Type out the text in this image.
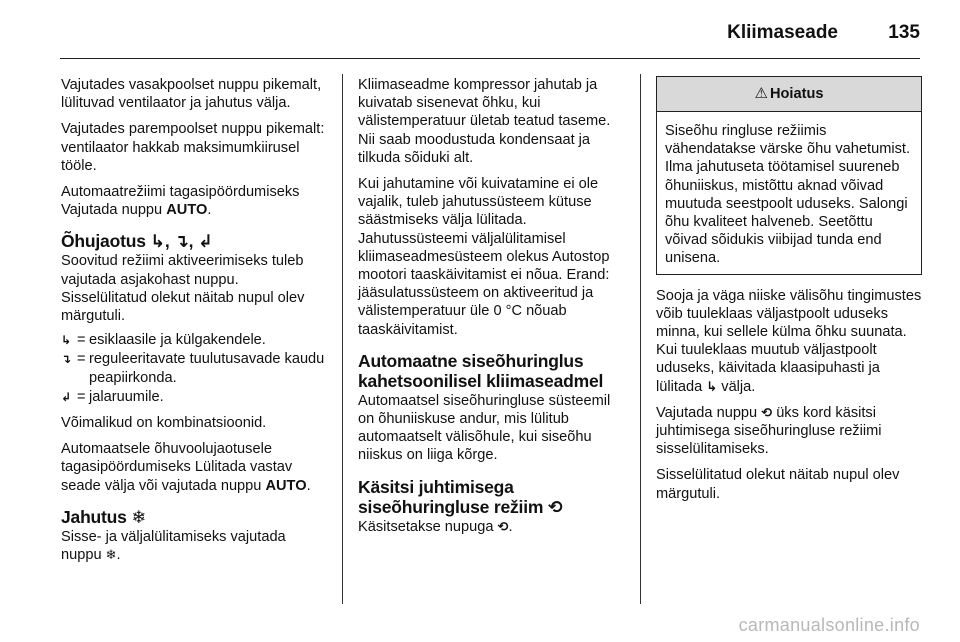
Kliimaseade	135

Vajutades vasakpoolset nuppu pikemalt, lülituvad ventilaator ja jahutus välja.

Vajutades parempoolset nuppu pikemalt: ventilaator hakkab maksimumkiirusel tööle.

Automaatrežiimi tagasipöördumiseks Vajutada nuppu AUTO.

Õhujaotus ↳, ↴, ↲
Soovitud režiimi aktiveerimiseks tuleb vajutada asjakohast nuppu.
Sisselülitatud olekut näitab nupul olev märgutuli.
↳ = esiklaasile ja külgakendele.
↴ = reguleeritavate tuulutusavade kaudu peapiirkonda.
↲ = jalaruumile.

Võimalikud on kombinatsioonid.

Automaatsele õhuvoolujaotusele tagasipöördumiseks Lülitada vastav seade välja või vajutada nuppu AUTO.

Jahutus ❄
Sisse- ja väljalülitamiseks vajutada nuppu ❄.

Kliimaseadme kompressor jahutab ja kuivatab sisenevat õhku, kui välistemperatuur ületab teatud taseme. Nii saab moodustuda kondensaat ja tilkuda sõiduki alt.

Kui jahutamine või kuivatamine ei ole vajalik, tuleb jahutussüsteem kütuse säästmiseks välja lülitada. Jahutussüsteemi väljalülitamisel kliimaseadmesüsteem olekus Autostop mootori taaskäivitamist ei nõua. Erand: jääsulatussüsteem on aktiveeritud ja välistemperatuur üle 0 °C nõuab taaskäivitamist.

Automaatne siseõhuringlus kahetsoonilisel kliimaseadmel

Automaatsel siseõhuringluse süsteemil on õhuniiskuse andur, mis lülitub automaatselt välisõhule, kui siseõhu niiskus on liiga kõrge.

Käsitsi juhtimisega siseõhuringluse režiim ⟲
Käsitsetakse nupuga ⟲.
⚠ Hoiatus
Siseõhu ringluse režiimis vähendatakse värske õhu vahetumist. Ilma jahutuseta töötamisel suureneb õhuniiskus, mistõttu aknad võivad muutuda seestpoolt uduseks. Salongi õhu kvaliteet halveneb. Seetõttu võivad sõidukis viibijad tunda end unisena.

Sooja ja väga niiske välisõhu tingimustes võib tuuleklaas väljastpoolt uduseks minna, kui sellele külma õhku suunata. Kui tuuleklaas muutub väljastpoolt uduseks, käivitada klaasipuhasti ja lülitada ↳ välja.

Vajutada nuppu ⟲ üks kord käsitsi juhtimisega siseõhuringluse režiimi sisselülitamiseks.

Sisselülitatud olekut näitab nupul olev märgutuli.

carmanualsonline.info
